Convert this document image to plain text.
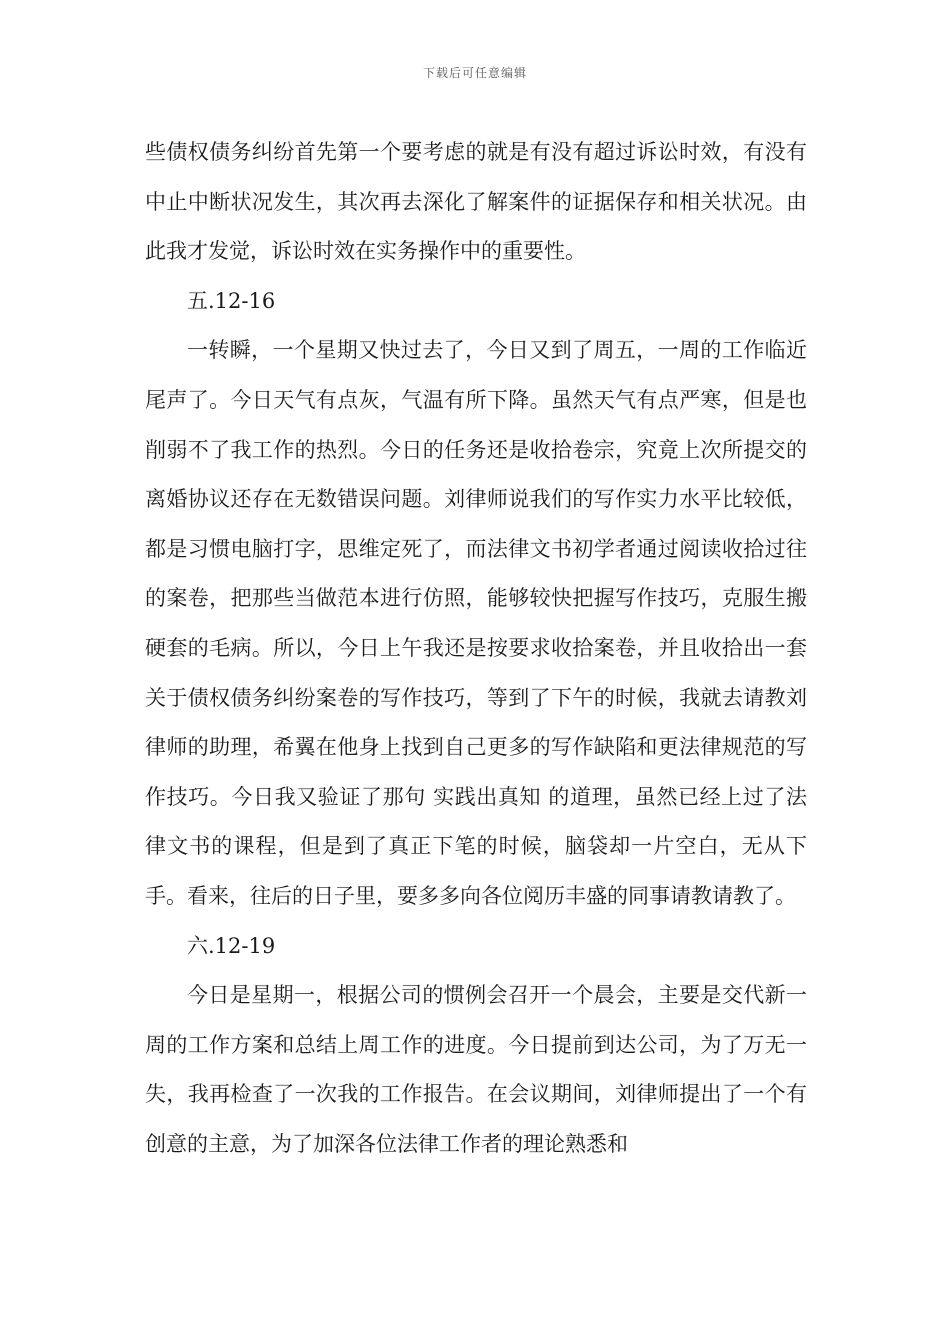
下载后可任意编辑

些债权债务纠纷首先第一个要考虑的就是有没有超过诉讼时效，有没有中止中断状况发生，其次再去深化了解案件的证据保存和相关状况。由此我才发觉，诉讼时效在实务操作中的重要性。

五.12-16

一转瞬，一个星期又快过去了，今日又到了周五，一周的工作临近尾声了。今日天气有点灰，气温有所下降。虽然天气有点严寒，但是也削弱不了我工作的热烈。今日的任务还是收拾卷宗，究竟上次所提交的离婚协议还存在无数错误问题。刘律师说我们的写作实力水平比较低，都是习惯电脑打字，思维定死了，而法律文书初学者通过阅读收拾过往的案卷，把那些当做范本进行仿照，能够较快把握写作技巧，克服生搬硬套的毛病。所以，今日上午我还是按要求收拾案卷，并且收拾出一套关于债权债务纠纷案卷的写作技巧，等到了下午的时候，我就去请教刘律师的助理，希翼在他身上找到自己更多的写作缺陷和更法律规范的写作技巧。今日我又验证了那句 实践出真知 的道理，虽然已经上过了法律文书的课程，但是到了真正下笔的时候，脑袋却一片空白，无从下手。看来，往后的日子里，要多多向各位阅历丰盛的同事请教请教了。

六.12-19

今日是星期一，根据公司的惯例会召开一个晨会，主要是交代新一周的工作方案和总结上周工作的进度。今日提前到达公司，为了万无一失，我再检查了一次我的工作报告。在会议期间，刘律师提出了一个有创意的主意，为了加深各位法律工作者的理论熟悉和
